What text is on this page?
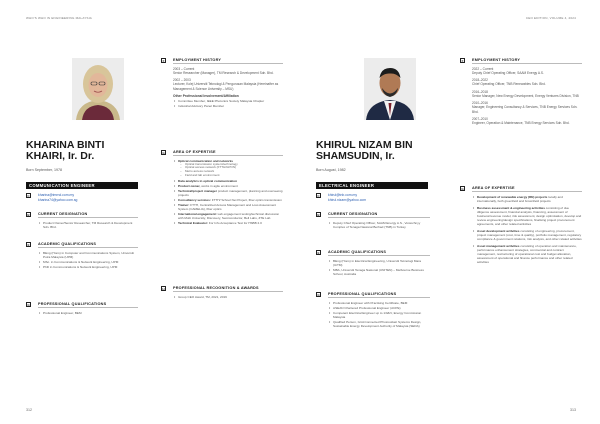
WHO'S WHO IN ENGINEERING MALAYSIA
KHARINA BINTI KHAIRI, Ir. Dr.
Born September, 1978
COMMUNICATION ENGINEER
C	kharina@tmrnd.com.my
kharina74@yahoo.com.sg
B	CURRENT DESIGNATION
• Product Owner/Senior Researcher, TM Research & Development Sdn. Bhd.
E	ACADEMIC QUALIFICATIONS
• BEng (Hons) in Computer and Communications System, Universiti Putra Malaysia (UPM)
• MSc. in Communications & Network Engineering, UPM
• PhD in Communications & Network Engineering, UPM
G	PROFESSIONAL QUALIFICATIONS
• Professional Engineer, BEM
F	EMPLOYMENT HISTORY
2003 – Current
Senior Researcher (Manager), TM Research & Development Sdn. Bhd.
2002 – 2003
Lecturer, Kolej Universiti Teknologi & Pengurusan Malaysia (Hereinafter as Management & Science University – MSU)
Other Professional Involvement/Affiliation
• Committee Member, IEEE Photonics Society Malaysia Chapter
• Industrial Advisory Panel Member
G	AREA OF EXPERTISE
• Optical communication and networks
– Optical transmission system/technology
– Optical access network (FTTH/GPON)
– Metro access network
– Field and lab environment
• Data analytics in optical communication
• Product owner, works in agile environment
• Technical/project manager product management, planning and overseeing projects
• Consultancy services: FTTH/ School Net Project, fiber optics transmission
• Trainer: FTTH, Centralized Access Management and Loss Assessment System (CAMELIA), fiber optics
• International engagement: Lab engagement testing/technical discussion with Multi University, Discovery, Semiconductor, Bell Labs, ZTE Lab
• Technical Evaluator: For Info Acceptance Test for HSBB 2.0
H	PROFESSIONAL RECOGNITION & AWARDS
• Group CEO Award, TM, 2021, 2019
312
CEO EDITION, VOLUME 4, 2024
KHIRUL NIZAM BIN SHAMSUDIN, Ir.
Born August, 1982
ELECTRICAL ENGINEER
C	khirul@tnb.com.my
khirul.nizam@yahoo.com
B	CURRENT DESIGNATION
• Deputy Chief Operating Officer, SAAM Energy A.S., Vostochnyy Complex of Tenaga Nasional Berhad (TNB) in Turkey
E	ACADEMIC QUALIFICATIONS
• BEng (Hons) in Electrical Engineering, Universiti Teknologi Mara (UiTM)
• MBA, Universiti Tenaga Nasional (UNITEN) – Melbourne Business School, Australia
G	PROFESSIONAL QUALIFICATIONS
• Professional Engineer with Practising Certificate, BEM
• ASEAN Chartered Professional Engineer (ACPE)
• Competent Electrical Engineer up to 132kV, Energy Commission Malaysia
• Qualified Person, Grid-Connected Photovoltaic Systems Design, Sustainable Energy Development Authority of Malaysia (SEDA)
F	EMPLOYMENT HISTORY
2022 – Current
Deputy Chief Operating Officer, SAAM Energy A.S.
2018–2022
Chief Operating Officer, TNB Renewables Sdn. Bhd.
2016–2018
Senior Manager, New Energy Development, Energy Ventures Division, TNB
2010–2016
Manager, Engineering Consultancy & Services, TNB Energy Services Sdn. Bhd.
2007–2010
Engineer, Operation & Maintenance, TNB Energy Services Sdn. Bhd.
G	AREA OF EXPERTISE
• Development of renewable energy (RE) projects locally and internationally, both greenfield and brownfield projects
• Business assessment & engineering activities consisting of due diligence assessment, financial analysis, financing, assessment of business/revenue model, risk assessment, design optimisation, develop and review engineering/design specifications, finalising project procurement agreements, and other related activities
• Asset development activities consisting of engineering, procurement, project management (cost, time & quality), portfolio management, regulatory compliance & government relations, risk analysis, and other related activities
• Asset management activities consisting of operation and maintenance, performance enhancement strategies, commercial and contract management, restructuring of operational cost and budget allocation, assessment of operational and finance performance and other related activities
313
